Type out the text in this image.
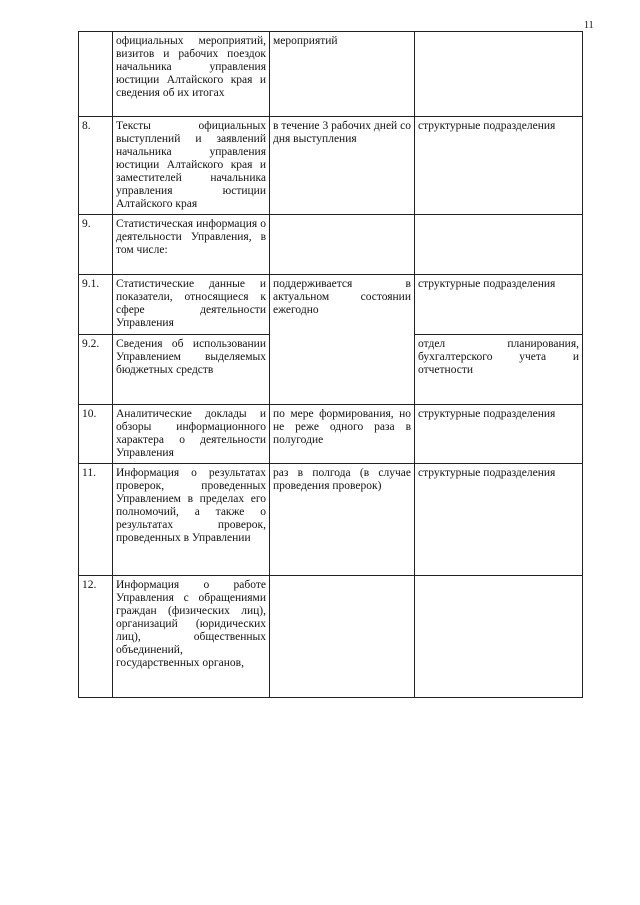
11
	официальных мероприятий, визитов и рабочих поездок начальника управления юстиции Алтайского края и сведения об их итогах	мероприятий	
8.	Тексты официальных выступлений и заявлений начальника управления юстиции Алтайского края и заместителей начальника управления юстиции Алтайского края	в течение 3 рабочих дней со дня выступления	структурные подразделения
9.	Статистическая информация о деятельности Управления, в том числе:		
9.1.	Статистические данные и показатели, относящиеся к сфере деятельности Управления	поддерживается в актуальном состоянии ежегодно	структурные подразделения
9.2.	Сведения об использовании Управлением выделяемых бюджетных средств		отдел планирования, бухгалтерского учета и отчетности
10.	Аналитические доклады и обзоры информационного характера о деятельности Управления	по мере формирования, но не реже одного раза в полугодие	структурные подразделения
11.	Информация о результатах проверок, проведенных Управлением в пределах его полномочий, а также о результатах проверок, проведенных в Управлении	раз в полгода (в случае проведения проверок)	структурные подразделения
12.	Информация о работе Управления с обращениями граждан (физических лиц), организаций (юридических лиц), общественных объединений, государственных органов,		
